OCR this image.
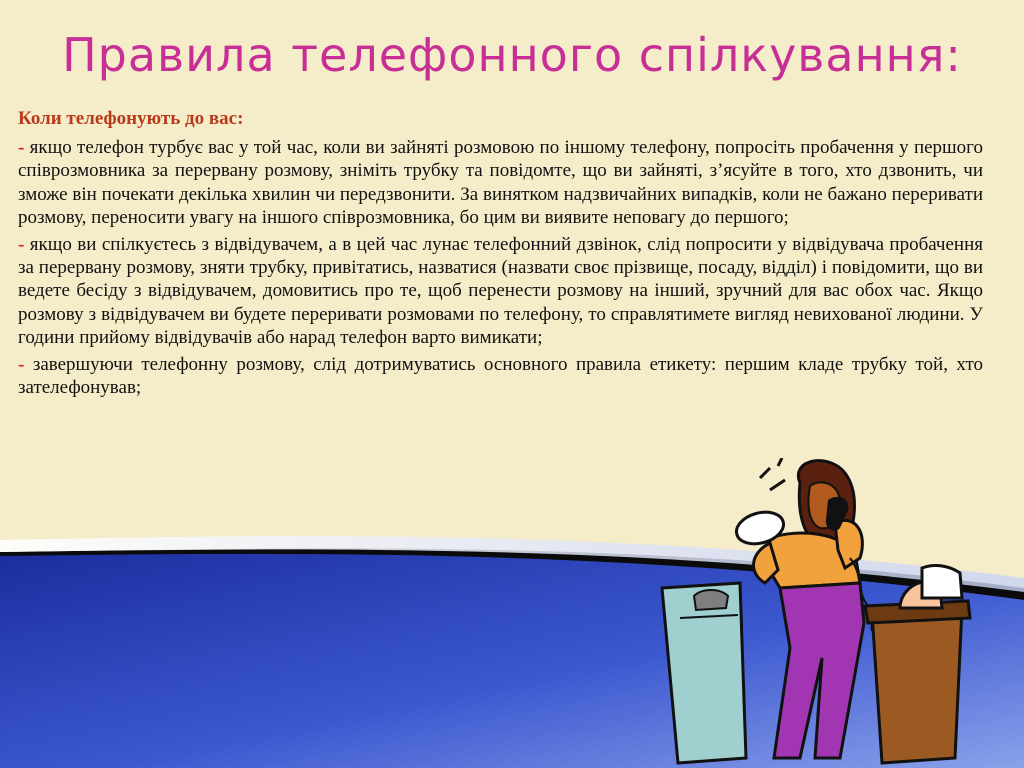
Правила телефонного спілкування:

Коли телефонують до вас:

- якщо телефон турбує вас у той час, коли ви зайняті розмовою по іншому телефону, попросіть пробачення у першого співрозмовника за перервану розмову, зніміть трубку та повідомте, що ви зайняті, з’ясуйте в того, хто дзвонить, чи зможе він почекати декілька хвилин чи передзвонити. За винятком надзвичайних випадків, коли не бажано переривати розмову, переносити увагу на іншого співрозмовника, бо цим ви виявите неповагу до першого;

- якщо ви спілкуєтесь з відвідувачем, а в цей час лунає телефонний дзвінок, слід попросити у відвідувача пробачення за перервану розмову, зняти трубку, привітатись, назватися (назвати своє прізвище, посаду, відділ) і повідомити, що ви ведете бесіду з відвідувачем, домовитись про те, щоб перенести розмову на інший, зручний для вас обох час. Якщо розмову з відвідувачем ви будете переривати розмовами по телефону, то справлятимете вигляд невихованої людини. У години прийому відвідувачів або нарад телефон варто вимикати;

- завершуючи телефонну розмову, слід дотримуватись основного правила етикету: першим кладе трубку той, хто зателефонував;
